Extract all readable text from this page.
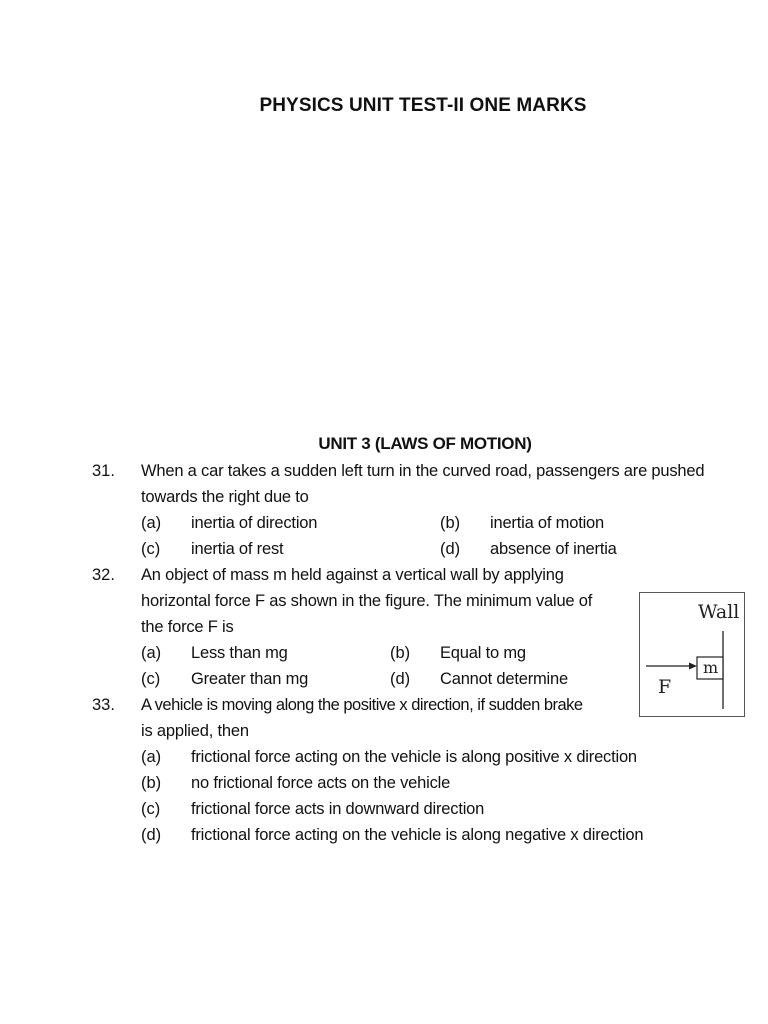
PHYSICS UNIT TEST-II ONE MARKS
UNIT 3 (LAWS OF MOTION)
31. When a car takes a sudden left turn in the curved road, passengers are pushed
towards the right due to
(a) inertia of direction	(b) inertia of motion
(c) inertia of rest	(d) absence of inertia
32. An object of mass m held against a vertical wall by applying
horizontal force F as shown in the figure. The minimum value of
the force F is
(a) Less than mg	(b) Equal to mg
(c) Greater than mg	(d) Cannot determine
Wall
m
F
33. A vehicle is moving along the positive x direction, if sudden brake
is applied, then
(a) frictional force acting on the vehicle is along positive x direction
(b) no frictional force acts on the vehicle
(c) frictional force acts in downward direction
(d) frictional force acting on the vehicle is along negative x direction
